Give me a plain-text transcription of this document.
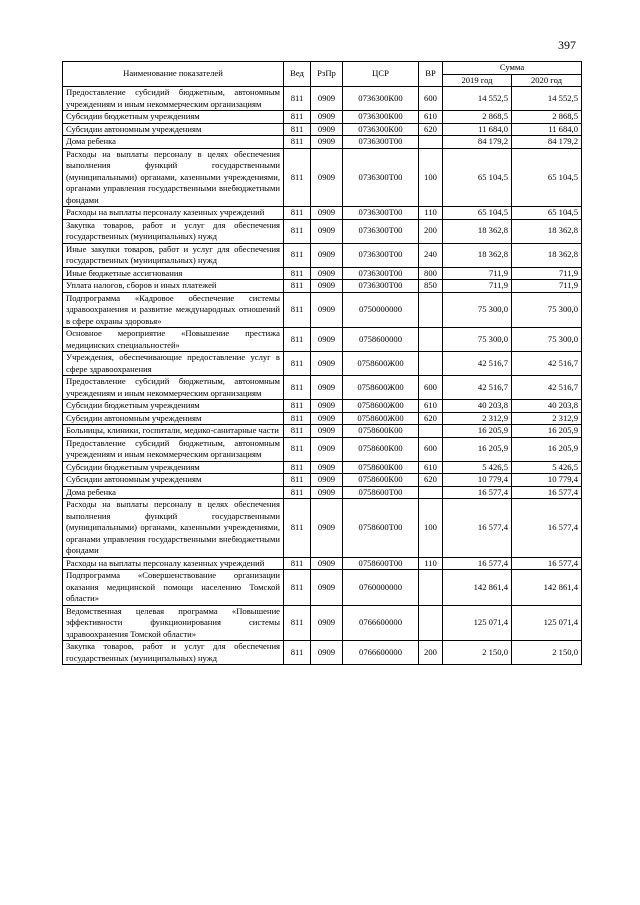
397
Наименование показателей	Вед	РзПр	ЦСР	ВР	Сумма	
					2019 год	2020 год
Предоставление субсидий бюджетным, автономным учреждениям и иным некоммерческим организациям	811	0909	0736300К00	600	14 552,5	14 552,5
Субсидии бюджетным учреждениям	811	0909	0736300К00	610	2 868,5	2 868,5
Субсидии автономным учреждениям	811	0909	0736300К00	620	11 684,0	11 684,0
Дома ребенка	811	0909	0736300Т00		84 179,2	84 179,2
Расходы на выплаты персоналу в целях обеспечения выполнения функций государственными (муниципальными) органами, казенными учреждениями, органами управления государственными внебюджетными фондами	811	0909	0736300Т00	100	65 104,5	65 104,5
Расходы на выплаты персоналу казенных учреждений	811	0909	0736300Т00	110	65 104,5	65 104,5
Закупка товаров, работ и услуг для обеспечения государственных (муниципальных) нужд	811	0909	0736300Т00	200	18 362,8	18 362,8
Иные закупки товаров, работ и услуг для обеспечения государственных (муниципальных) нужд	811	0909	0736300Т00	240	18 362,8	18 362,8
Иные бюджетные ассигнования	811	0909	0736300Т00	800	711,9	711,9
Уплата налогов, сборов и иных платежей	811	0909	0736300Т00	850	711,9	711,9
Подпрограмма «Кадровое обеспечение системы здравоохранения и развитие международных отношений в сфере охраны здоровья»	811	0909	0750000000		75 300,0	75 300,0
Основное мероприятие «Повышение престижа медицинских специальностей»	811	0909	0758600000		75 300,0	75 300,0
Учреждения, обеспечивающие предоставление услуг в сфере здравоохранения	811	0909	0758600Ж00		42 516,7	42 516,7
Предоставление субсидий бюджетным, автономным учреждениям и иным некоммерческим организациям	811	0909	0758600Ж00	600	42 516,7	42 516,7
Субсидии бюджетным учреждениям	811	0909	0758600Ж00	610	40 203,8	40 203,8
Субсидии автономным учреждениям	811	0909	0758600Ж00	620	2 312,9	2 312,9
Больницы, клиники, госпитали, медико-санитарные части	811	0909	0758600К00		16 205,9	16 205,9
Предоставление субсидий бюджетным, автономным учреждениям и иным некоммерческим организациям	811	0909	0758600К00	600	16 205,9	16 205,9
Субсидии бюджетным учреждениям	811	0909	0758600К00	610	5 426,5	5 426,5
Субсидии автономным учреждениям	811	0909	0758600К00	620	10 779,4	10 779,4
Дома ребенка	811	0909	0758600Т00		16 577,4	16 577,4
Расходы на выплаты персоналу в целях обеспечения выполнения функций государственными (муниципальными) органами, казенными учреждениями, органами управления государственными внебюджетными фондами	811	0909	0758600Т00	100	16 577,4	16 577,4
Расходы на выплаты персоналу казенных учреждений	811	0909	0758600Т00	110	16 577,4	16 577,4
Подпрограмма «Совершенствование организации оказания медицинской помощи населению Томской области»	811	0909	0760000000		142 861,4	142 861,4
Ведомственная целевая программа «Повышение эффективности функционирования системы здравоохранения Томской области»	811	0909	0766600000		125 071,4	125 071,4
Закупка товаров, работ и услуг для обеспечения государственных (муниципальных) нужд	811	0909	0766600000	200	2 150,0	2 150,0
